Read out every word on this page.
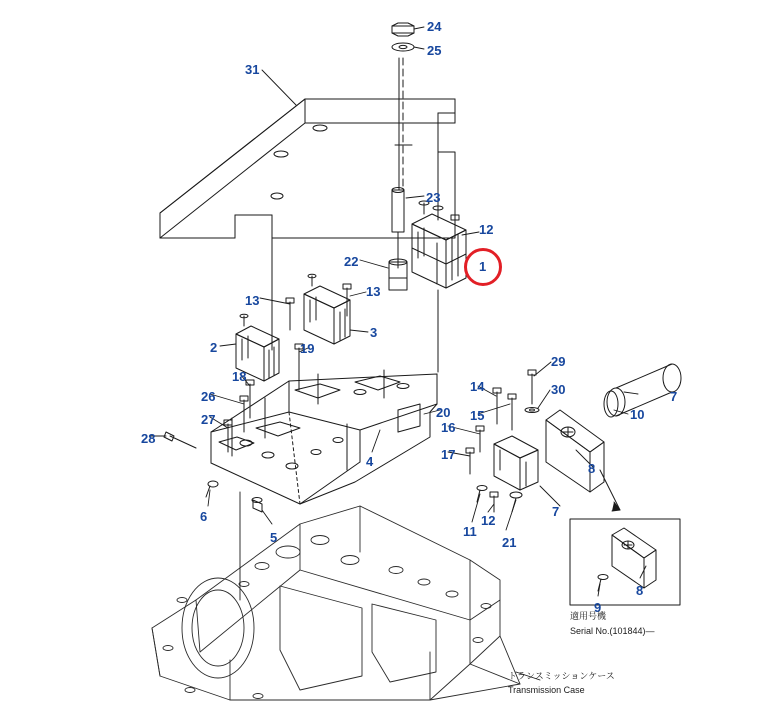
1
24
25
31
23
12
22
13
13
3
2	19
29
18
30
14
26	7
15
20
27	10
16
28
17
4	8
7
6	12
11
5	21
8
9
トランスミッションケース
Transmission Case
適用号機
Serial No.(101844)—
